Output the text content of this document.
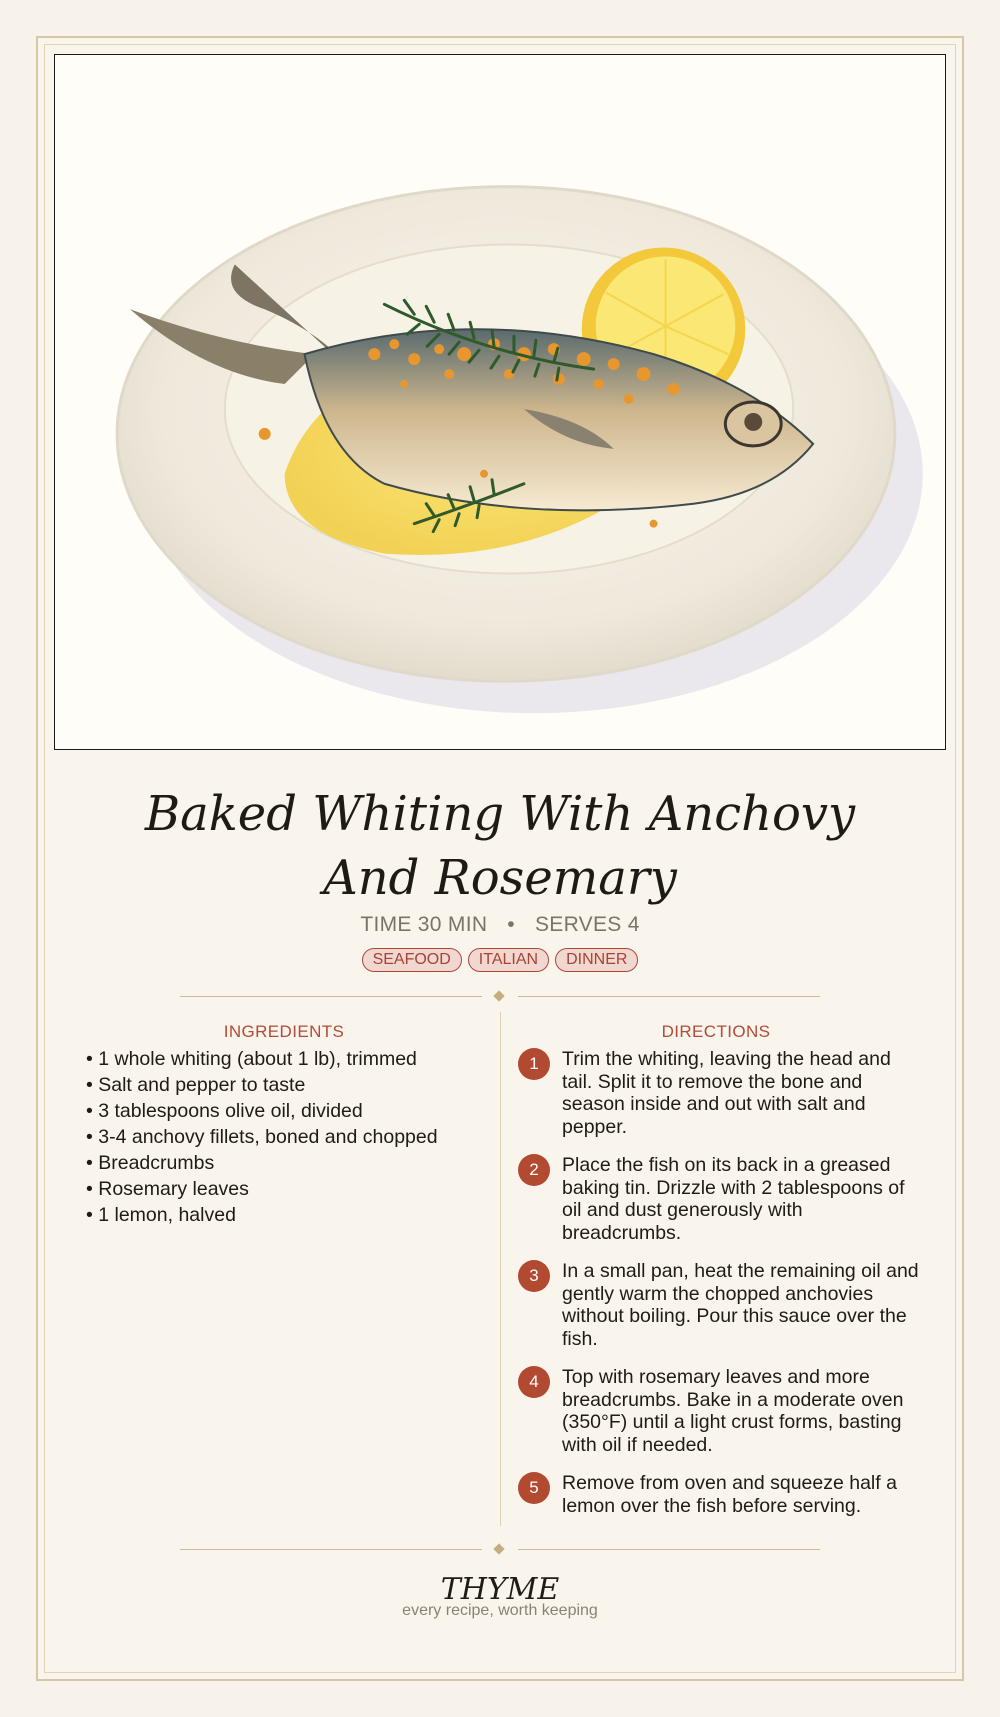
Baked Whiting With Anchovy And Rosemary
TIME 30 MIN • SERVES 4
SEAFOOD ITALIAN DINNER
INGREDIENTS
• 1 whole whiting (about 1 lb), trimmed
• Salt and pepper to taste
• 3 tablespoons olive oil, divided
• 3-4 anchovy fillets, boned and chopped
• Breadcrumbs
• Rosemary leaves
• 1 lemon, halved
DIRECTIONS
1	Trim the whiting, leaving the head and tail. Split it to remove the bone and season inside and out with salt and pepper.
2	Place the fish on its back in a greased baking tin. Drizzle with 2 tablespoons of oil and dust generously with breadcrumbs.
3	In a small pan, heat the remaining oil and gently warm the chopped anchovies without boiling. Pour this sauce over the fish.
4	Top with rosemary leaves and more breadcrumbs. Bake in a moderate oven (350°F) until a light crust forms, basting with oil if needed.
5	Remove from oven and squeeze half a lemon over the fish before serving.
THYME
every recipe, worth keeping
